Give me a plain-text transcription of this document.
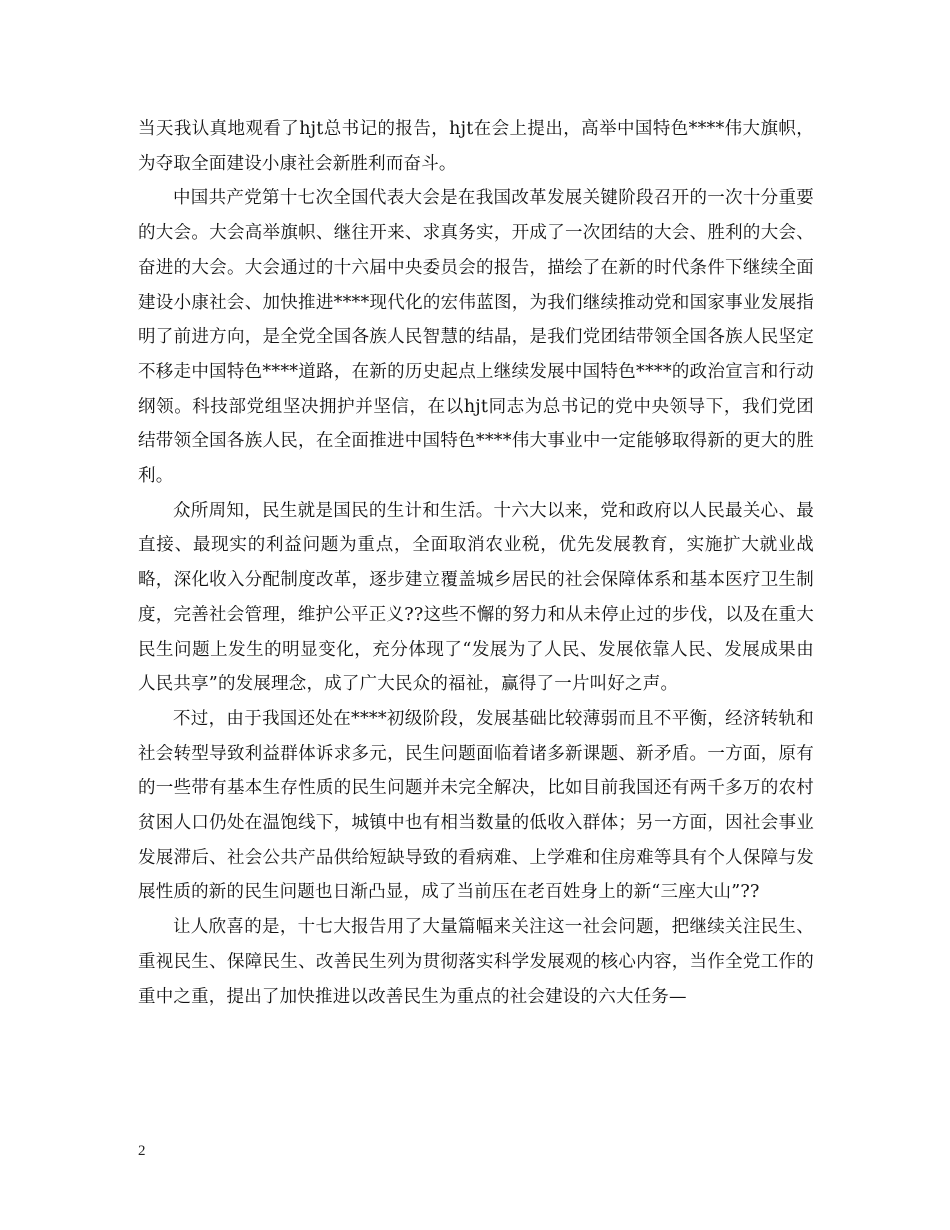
当天我认真地观看了hjt总书记的报告，hjt在会上提出，高举中国特色****伟大旗帜，为夺取全面建设小康社会新胜利而奋斗。

中国共产党第十七次全国代表大会是在我国改革发展关键阶段召开的一次十分重要的大会。大会高举旗帜、继往开来、求真务实，开成了一次团结的大会、胜利的大会、奋进的大会。大会通过的十六届中央委员会的报告，描绘了在新的时代条件下继续全面建设小康社会、加快推进****现代化的宏伟蓝图，为我们继续推动党和国家事业发展指明了前进方向，是全党全国各族人民智慧的结晶，是我们党团结带领全国各族人民坚定不移走中国特色****道路，在新的历史起点上继续发展中国特色****的政治宣言和行动纲领。科技部党组坚决拥护并坚信，在以hjt同志为总书记的党中央领导下，我们党团结带领全国各族人民，在全面推进中国特色****伟大事业中一定能够取得新的更大的胜利。

众所周知，民生就是国民的生计和生活。十六大以来，党和政府以人民最关心、最直接、最现实的利益问题为重点，全面取消农业税，优先发展教育，实施扩大就业战略，深化收入分配制度改革，逐步建立覆盖城乡居民的社会保障体系和基本医疗卫生制度，完善社会管理，维护公平正义??这些不懈的努力和从未停止过的步伐，以及在重大民生问题上发生的明显变化，充分体现了“发展为了人民、发展依靠人民、发展成果由人民共享”的发展理念，成了广大民众的福祉，赢得了一片叫好之声。

不过，由于我国还处在****初级阶段，发展基础比较薄弱而且不平衡，经济转轨和社会转型导致利益群体诉求多元，民生问题面临着诸多新课题、新矛盾。一方面，原有的一些带有基本生存性质的民生问题并未完全解决，比如目前我国还有两千多万的农村贫困人口仍处在温饱线下，城镇中也有相当数量的低收入群体；另一方面，因社会事业发展滞后、社会公共产品供给短缺导致的看病难、上学难和住房难等具有个人保障与发展性质的新的民生问题也日渐凸显，成了当前压在老百姓身上的新“三座大山”??

让人欣喜的是，十七大报告用了大量篇幅来关注这一社会问题，把继续关注民生、重视民生、保障民生、改善民生列为贯彻落实科学发展观的核心内容，当作全党工作的重中之重，提出了加快推进以改善民生为重点的社会建设的六大任务—

2
